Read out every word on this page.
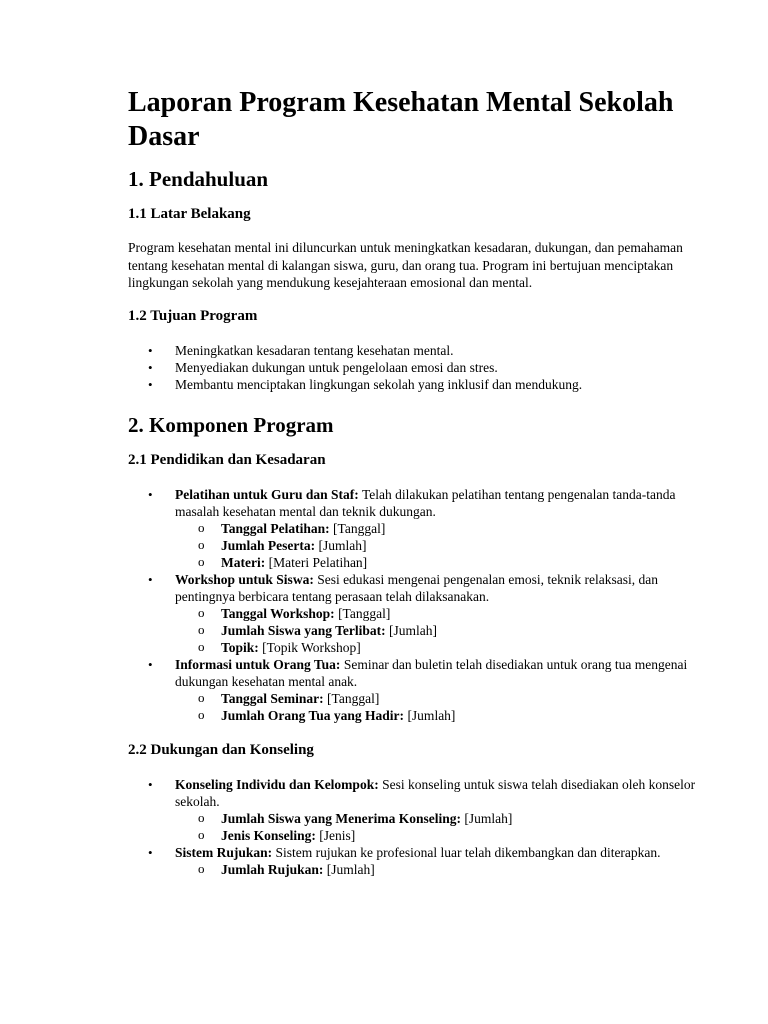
Laporan Program Kesehatan Mental Sekolah Dasar
1. Pendahuluan
1.1 Latar Belakang

Program kesehatan mental ini diluncurkan untuk meningkatkan kesadaran, dukungan, dan pemahaman tentang kesehatan mental di kalangan siswa, guru, dan orang tua. Program ini bertujuan menciptakan lingkungan sekolah yang mendukung kesejahteraan emosional dan mental.

1.2 Tujuan Program
• Meningkatkan kesadaran tentang kesehatan mental.
• Menyediakan dukungan untuk pengelolaan emosi dan stres.
• Membantu menciptakan lingkungan sekolah yang inklusif dan mendukung.
2. Komponen Program
2.1 Pendidikan dan Kesadaran
• Pelatihan untuk Guru dan Staf: Telah dilakukan pelatihan tentang pengenalan tanda-tanda masalah kesehatan mental dan teknik dukungan.
o Tanggal Pelatihan: [Tanggal]
o Jumlah Peserta: [Jumlah]
o Materi: [Materi Pelatihan]
• Workshop untuk Siswa: Sesi edukasi mengenai pengenalan emosi, teknik relaksasi, dan pentingnya berbicara tentang perasaan telah dilaksanakan.
o Tanggal Workshop: [Tanggal]
o Jumlah Siswa yang Terlibat: [Jumlah]
o Topik: [Topik Workshop]
• Informasi untuk Orang Tua: Seminar dan buletin telah disediakan untuk orang tua mengenai dukungan kesehatan mental anak.
o Tanggal Seminar: [Tanggal]
o Jumlah Orang Tua yang Hadir: [Jumlah]
2.2 Dukungan dan Konseling
• Konseling Individu dan Kelompok: Sesi konseling untuk siswa telah disediakan oleh konselor sekolah.
o Jumlah Siswa yang Menerima Konseling: [Jumlah]
o Jenis Konseling: [Jenis]
• Sistem Rujukan: Sistem rujukan ke profesional luar telah dikembangkan dan diterapkan.
o Jumlah Rujukan: [Jumlah]
